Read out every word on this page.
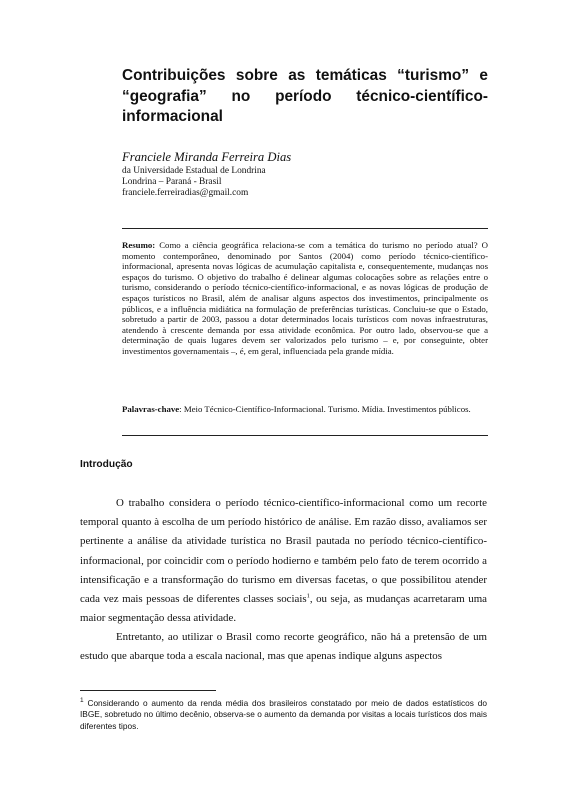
Contribuições sobre as temáticas “turismo” e “geografia” no período técnico-científico-informacional
Franciele Miranda Ferreira Dias
da Universidade Estadual de Londrina
Londrina – Paraná - Brasil
franciele.ferreiradias@gmail.com
Resumo: Como a ciência geográfica relaciona-se com a temática do turismo no período atual? O momento contemporâneo, denominado por Santos (2004) como período técnico-científico-informacional, apresenta novas lógicas de acumulação capitalista e, consequentemente, mudanças nos espaços do turismo. O objetivo do trabalho é delinear algumas colocações sobre as relações entre o turismo, considerando o período técnico-científico-informacional, e as novas lógicas de produção de espaços turísticos no Brasil, além de analisar alguns aspectos dos investimentos, principalmente os públicos, e a influência midiática na formulação de preferências turísticas. Concluiu-se que o Estado, sobretudo a partir de 2003, passou a dotar determinados locais turísticos com novas infraestruturas, atendendo à crescente demanda por essa atividade econômica. Por outro lado, observou-se que a determinação de quais lugares devem ser valorizados pelo turismo – e, por conseguinte, obter investimentos governamentais –, é, em geral, influenciada pela grande mídia.
Palavras-chave: Meio Técnico-Científico-Informacional. Turismo. Mídia. Investimentos públicos.
Introdução

O trabalho considera o período técnico-científico-informacional como um recorte temporal quanto à escolha de um período histórico de análise. Em razão disso, avaliamos ser pertinente a análise da atividade turística no Brasil pautada no período técnico-científico-informacional, por coincidir com o período hodierno e também pelo fato de terem ocorrido a intensificação e a transformação do turismo em diversas facetas, o que possibilitou atender cada vez mais pessoas de diferentes classes sociais$^1$, ou seja, as mudanças acarretaram uma maior segmentação dessa atividade.

Entretanto, ao utilizar o Brasil como recorte geográfico, não há a pretensão de um estudo que abarque toda a escala nacional, mas que apenas indique alguns aspectos

$^1$ Considerando o aumento da renda média dos brasileiros constatado por meio de dados estatísticos do IBGE, sobretudo no último decênio, observa-se o aumento da demanda por visitas a locais turísticos dos mais diferentes tipos.
